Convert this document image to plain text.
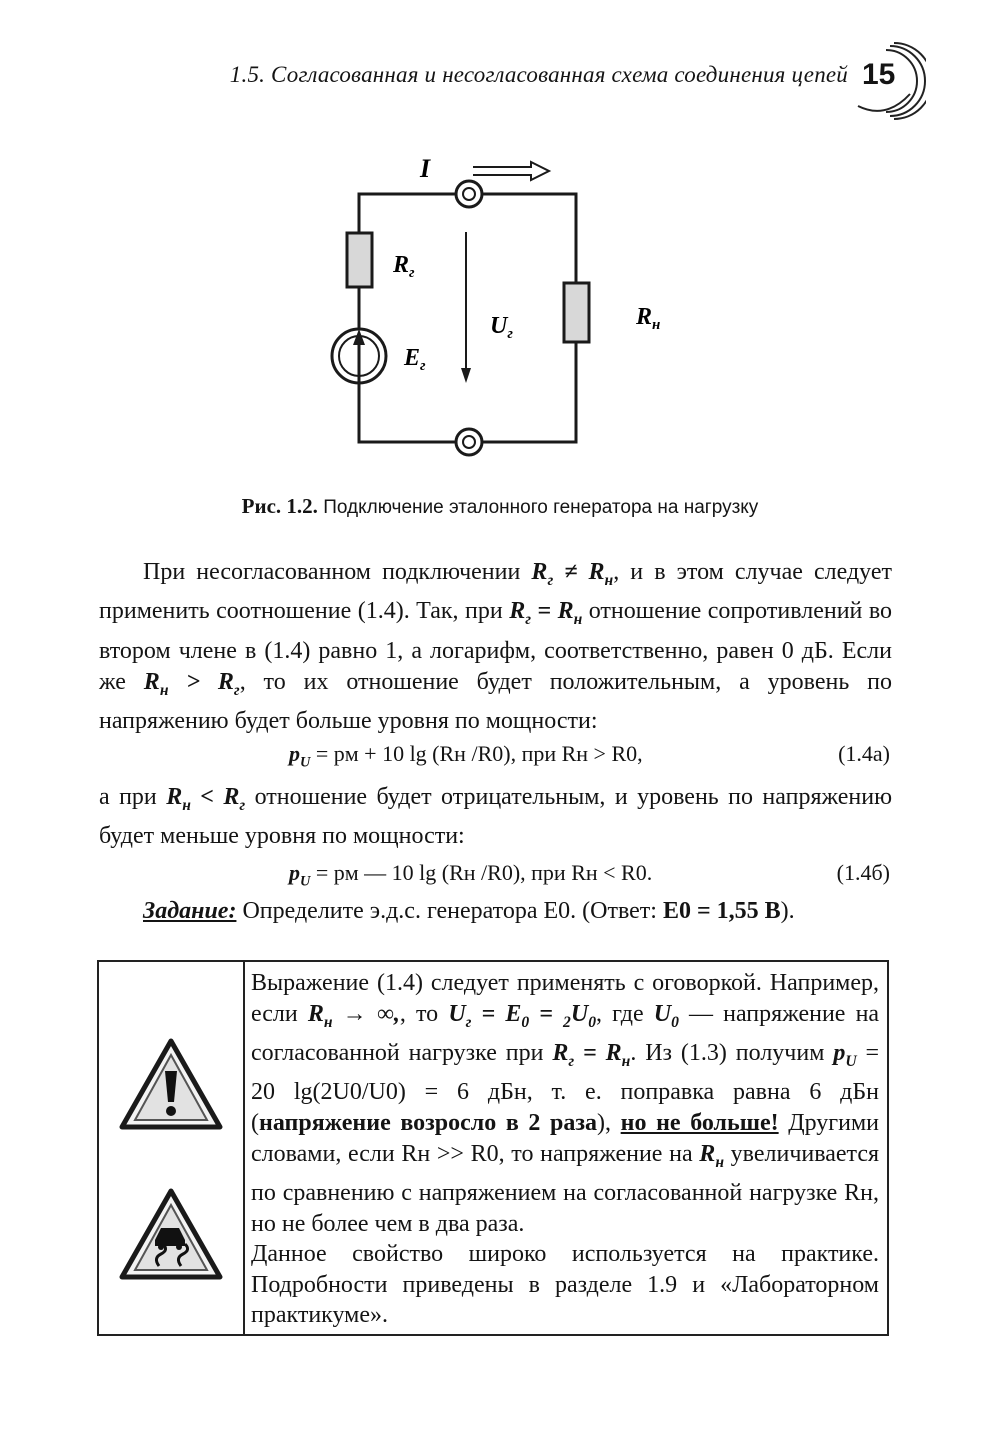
1.5. Согласованная и несогласованная схема соединения цепей 15
I
$R_г$
$U_г$
$E_г$
$R_н$
Рис. 1.2. Подключение эталонного генератора на нагрузку
При несогласованном подключении $R_г \ne R_н$, и в этом случае следует применить соотношение (1.4). Так, при $R_г = R_н$ отношение сопротивлений во втором члене в (1.4) равно 1, а логарифм, соответственно, равен 0 дБ. Если же $R_н > R_г$, то их отношение будет положительным, а уровень по напряжению будет больше уровня по мощности:
$p_U$ = pм + 10 lg (Rн /R0), при Rн > R0,	(1.4а)
а при $R_н < R_г$ отношение будет отрицательным, и уровень по напряжению будет меньше уровня по мощности:
$p_U$ = pм — 10 lg (Rн /R0), при Rн < R0.	(1.4б)
Задание: Определите э.д.с. генератора E0. (Ответ: E0 = 1,55 В).

Выражение (1.4) следует применять с оговоркой. Например, если $R_н$ → ∞,, то $U_г = E_0 = _2U_0$, где $U_0$ — напряжение на согласованной нагрузке при $R_г = R_н$. Из (1.3) получим $p_U = 20$ lg(2U0/U0) = 6 дБн, т. е. поправка равна 6 дБн (напряжение возросло в 2 раза), но не больше! Другими словами, если Rн >> R0, то напряжение на $R_н$ увеличивается по сравнению с напряжением на согласованной нагрузке Rн, но не более чем в два раза.

Данное свойство широко используется на практике. Подробности приведены в разделе 1.9 и «Лабораторном практикуме».
